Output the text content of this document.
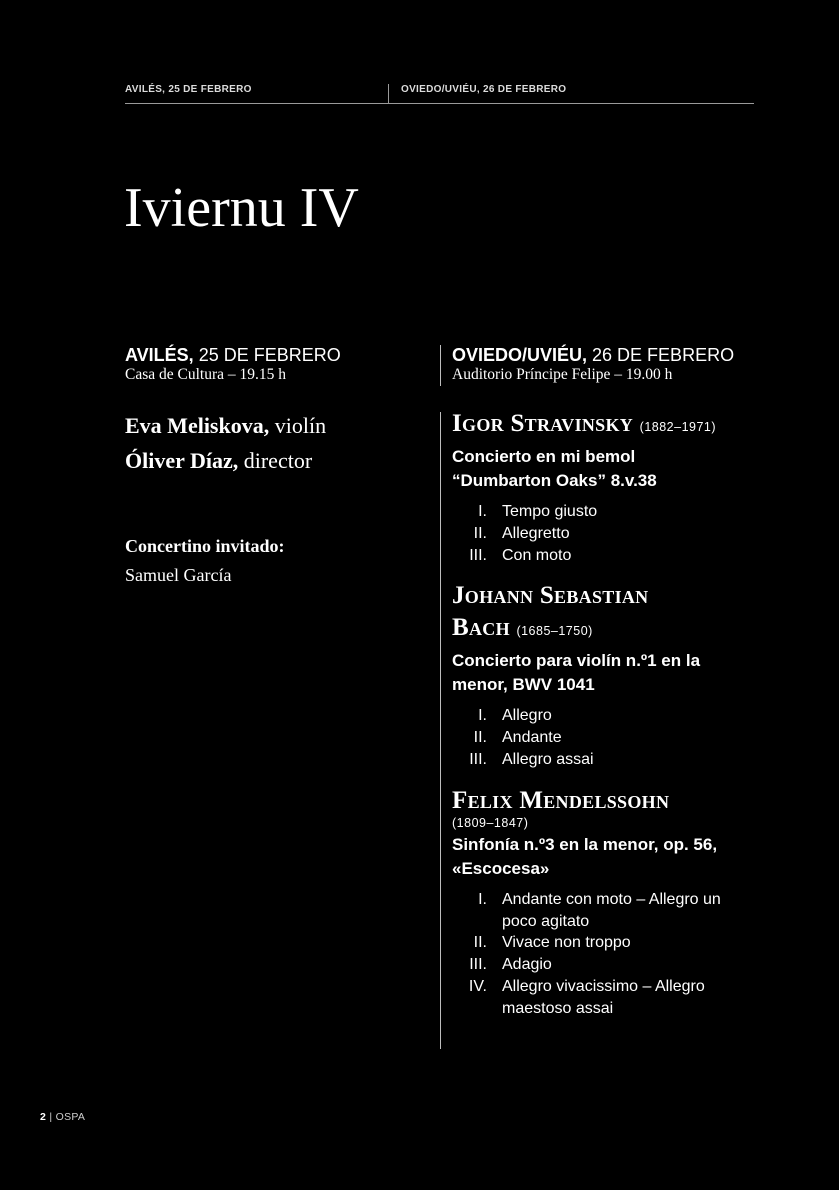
AVILÉS, 25 DE FEBRERO	OVIEDO/UVIÉU, 26 DE FEBRERO
Iviernu IV
AVILÉS, 25 DE FEBRERO
Casa de Cultura – 19.15 h
OVIEDO/UVIÉU, 26 DE FEBRERO
Auditorio Príncipe Felipe – 19.00 h
Eva Meliskova, violín
Óliver Díaz, director
Concertino invitado:
Samuel García
Igor Stravinsky (1882–1971)
Concierto en mi bemol
“Dumbarton Oaks” 8.v.38
I. Tempo giusto
II. Allegretto
III. Con moto
Johann Sebastian
Bach (1685–1750)
Concierto para violín n.º1 en la
menor, BWV 1041
I. Allegro
II. Andante
III. Allegro assai
Felix Mendelssohn
(1809–1847)
Sinfonía n.º3 en la menor, op. 56,
«Escocesa»
I. Andante con moto – Allegro un poco agitato
II. Vivace non troppo
III. Adagio
IV. Allegro vivacissimo – Allegro maestoso assai
2 | OSPA
